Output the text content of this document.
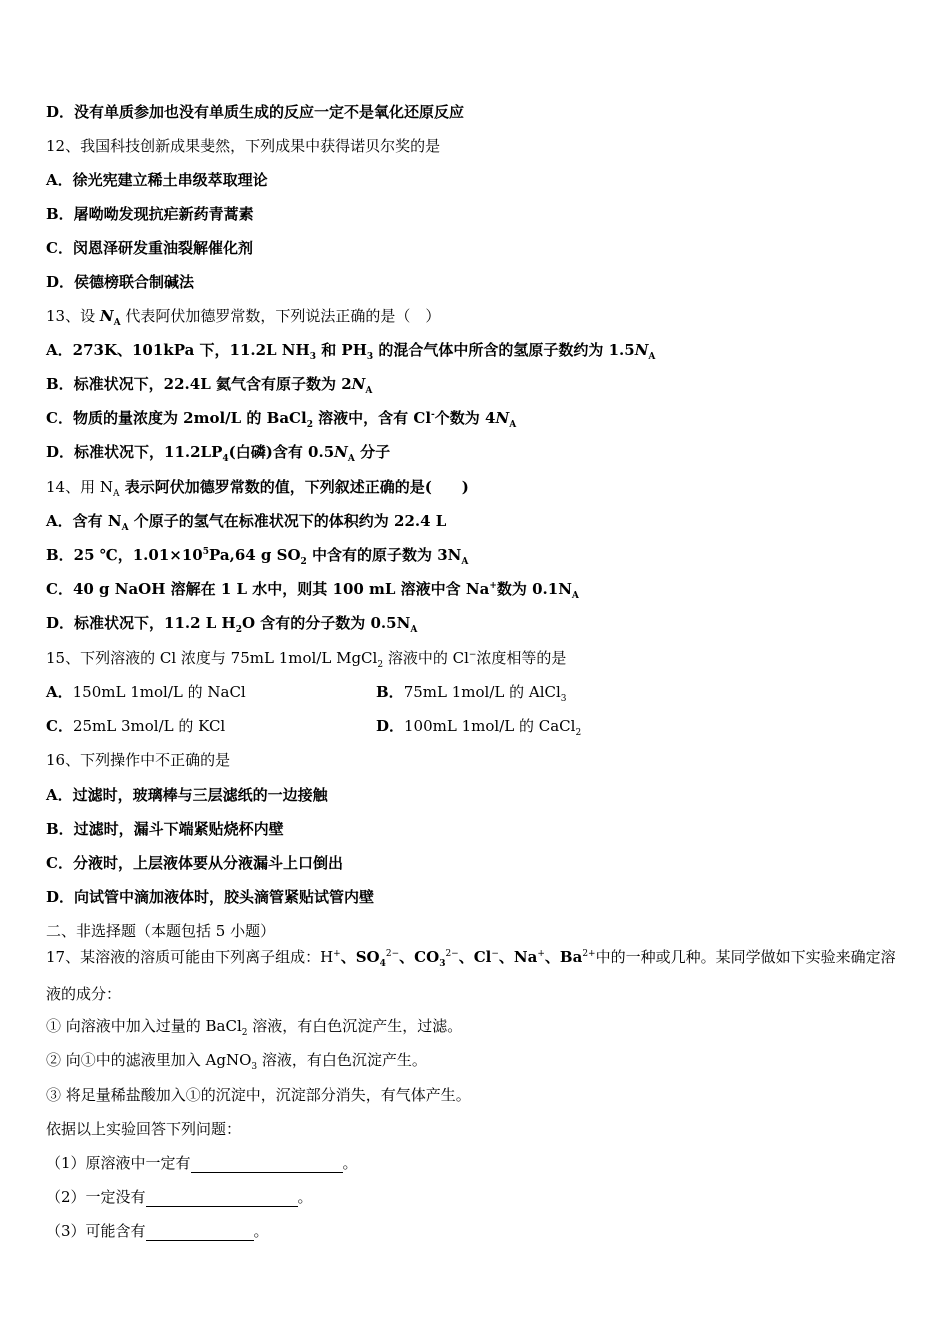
D．没有单质参加也没有单质生成的反应一定不是氧化还原反应
12、我国科技创新成果斐然，下列成果中获得诺贝尔奖的是
A．徐光宪建立稀土串级萃取理论
B．屠呦呦发现抗疟新药青蒿素
C．闵恩泽研发重油裂解催化剂
D．侯德榜联合制碱法
13、设 $N_A$ 代表阿伏加德罗常数，下列说法正确的是（　）
A．273K、101kPa 下，11.2L $NH_3$ 和 $PH_3$ 的混合气体中所含的氢原子数约为 $1.5N_A$
B．标准状况下，22.4L 氦气含有原子数为 $2N_A$
C．物质的量浓度为 2mol/L 的 BaCl$_2$ 溶液中，含有 Cl-个数为 $4N_A$
D．标准状况下，$11.2LP_4$(白磷)含有 $0.5N_A$ 分子
14、用 $N_A$ 表示阿伏加德罗常数的值，下列叙述正确的是(　　)
A．含有 $N_A$ 个原子的氢气在标准状况下的体积约为 22.4 L
B．25 ℃，$1.01\times 10^5Pa,64$ g $SO_2$ 中含有的原子数为 $3N_A$
C．40 g NaOH 溶解在 1 L 水中，则其 100 mL 溶液中含 Na+数为 $0.1N_A$
D．标准状况下，11.2 L $H_2O$ 含有的分子数为 $0.5N_A$
15、下列溶液的 Cl 浓度与 75mL 1mol/L MgCl$_2$ 溶液中的 Cl−浓度相等的是
A．150mL 1mol/L 的 NaCl	B．75mL 1mol/L 的 AlCl$_3$
C．25mL 3mol/L 的 KCl	D．100mL 1mol/L 的 CaCl$_2$
16、下列操作中不正确的是
A．过滤时，玻璃棒与三层滤纸的一边接触
B．过滤时，漏斗下端紧贴烧杯内壁
C．分液时，上层液体要从分液漏斗上口倒出
D．向试管中滴加液体时，胶头滴管紧贴试管内壁
二、非选择题（本题包括 5 小题）
17、某溶液的溶质可能由下列离子组成：H+、$SO_4^{2-}$、$CO_3^{2-}$、Cl−、Na+、$Ba^{2+}$中的一种或几种。某同学做如下实验来确定溶
液的成分：
① 向溶液中加入过量的 BaCl$_2$ 溶液，有白色沉淀产生，过滤。
② 向①中的滤液里加入 AgNO$_3$ 溶液，有白色沉淀产生。
③ 将足量稀盐酸加入①的沉淀中，沉淀部分消失，有气体产生。
依据以上实验回答下列问题：
（1）原溶液中一定有	。
（2）一定没有	。
（3）可能含有	。
